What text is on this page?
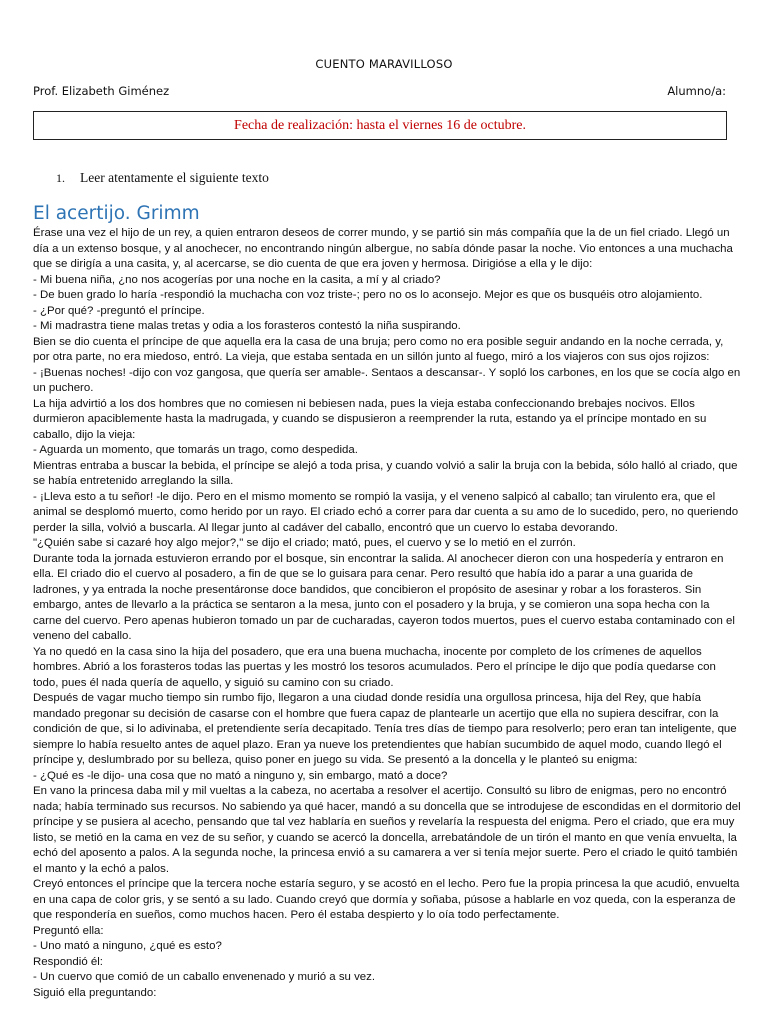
CUENTO MARAVILLOSO
Prof. Elizabeth Giménez	Alumno/a:
Fecha de realización: hasta el viernes 16 de octubre.
1. Leer atentamente el siguiente texto
El acertijo. Grimm

Érase una vez el hijo de un rey, a quien entraron deseos de correr mundo, y se partió sin más compañía que la de un fiel criado. Llegó un día a un extenso bosque, y al anochecer, no encontrando ningún albergue, no sabía dónde pasar la noche. Vio entonces a una muchacha que se dirigía a una casita, y, al acercarse, se dio cuenta de que era joven y hermosa. Dirigióse a ella y le dijo:

- Mi buena niña, ¿no nos acogerías por una noche en la casita, a mí y al criado?

- De buen grado lo haría -respondió la muchacha con voz triste-; pero no os lo aconsejo. Mejor es que os busquéis otro alojamiento.

- ¿Por qué? -preguntó el príncipe.

- Mi madrastra tiene malas tretas y odia a los forasteros contestó la niña suspirando.

Bien se dio cuenta el príncipe de que aquella era la casa de una bruja; pero como no era posible seguir andando en la noche cerrada, y, por otra parte, no era miedoso, entró. La vieja, que estaba sentada en un sillón junto al fuego, miró a los viajeros con sus ojos rojizos:

- ¡Buenas noches! -dijo con voz gangosa, que quería ser amable-. Sentaos a descansar-. Y sopló los carbones, en los que se cocía algo en un puchero.

La hija advirtió a los dos hombres que no comiesen ni bebiesen nada, pues la vieja estaba confeccionando brebajes nocivos. Ellos durmieron apaciblemente hasta la madrugada, y cuando se dispusieron a reemprender la ruta, estando ya el príncipe montado en su caballo, dijo la vieja:

- Aguarda un momento, que tomarás un trago, como despedida.

Mientras entraba a buscar la bebida, el príncipe se alejó a toda prisa, y cuando volvió a salir la bruja con la bebida, sólo halló al criado, que se había entretenido arreglando la silla.

- ¡Lleva esto a tu señor! -le dijo. Pero en el mismo momento se rompió la vasija, y el veneno salpicó al caballo; tan virulento era, que el animal se desplomó muerto, como herido por un rayo. El criado echó a correr para dar cuenta a su amo de lo sucedido, pero, no queriendo perder la silla, volvió a buscarla. Al llegar junto al cadáver del caballo, encontró que un cuervo lo estaba devorando.

"¿Quién sabe si cazaré hoy algo mejor?," se dijo el criado; mató, pues, el cuervo y se lo metió en el zurrón.

Durante toda la jornada estuvieron errando por el bosque, sin encontrar la salida. Al anochecer dieron con una hospedería y entraron en ella. El criado dio el cuervo al posadero, a fin de que se lo guisara para cenar. Pero resultó que había ido a parar a una guarida de ladrones, y ya entrada la noche presentáronse doce bandidos, que concibieron el propósito de asesinar y robar a los forasteros. Sin embargo, antes de llevarlo a la práctica se sentaron a la mesa, junto con el posadero y la bruja, y se comieron una sopa hecha con la carne del cuervo. Pero apenas hubieron tomado un par de cucharadas, cayeron todos muertos, pues el cuervo estaba contaminado con el veneno del caballo.

Ya no quedó en la casa sino la hija del posadero, que era una buena muchacha, inocente por completo de los crímenes de aquellos hombres. Abrió a los forasteros todas las puertas y les mostró los tesoros acumulados. Pero el príncipe le dijo que podía quedarse con todo, pues él nada quería de aquello, y siguió su camino con su criado.

Después de vagar mucho tiempo sin rumbo fijo, llegaron a una ciudad donde residía una orgullosa princesa, hija del Rey, que había mandado pregonar su decisión de casarse con el hombre que fuera capaz de plantearle un acertijo que ella no supiera descifrar, con la condición de que, si lo adivinaba, el pretendiente sería decapitado. Tenía tres días de tiempo para resolverlo; pero eran tan inteligente, que siempre lo había resuelto antes de aquel plazo. Eran ya nueve los pretendientes que habían sucumbido de aquel modo, cuando llegó el príncipe y, deslumbrado por su belleza, quiso poner en juego su vida. Se presentó a la doncella y le planteó su enigma:

- ¿Qué es -le dijo- una cosa que no mató a ninguno y, sin embargo, mató a doce?

En vano la princesa daba mil y mil vueltas a la cabeza, no acertaba a resolver el acertijo. Consultó su libro de enigmas, pero no encontró nada; había terminado sus recursos. No sabiendo ya qué hacer, mandó a su doncella que se introdujese de escondidas en el dormitorio del príncipe y se pusiera al acecho, pensando que tal vez hablaría en sueños y revelaría la respuesta del enigma. Pero el criado, que era muy listo, se metió en la cama en vez de su señor, y cuando se acercó la doncella, arrebatándole de un tirón el manto en que venía envuelta, la echó del aposento a palos. A la segunda noche, la princesa envió a su camarera a ver si tenía mejor suerte. Pero el criado le quitó también el manto y la echó a palos.

Creyó entonces el príncipe que la tercera noche estaría seguro, y se acostó en el lecho. Pero fue la propia princesa la que acudió, envuelta en una capa de color gris, y se sentó a su lado. Cuando creyó que dormía y soñaba, púsose a hablarle en voz queda, con la esperanza de que respondería en sueños, como muchos hacen. Pero él estaba despierto y lo oía todo perfectamente.

Preguntó ella:

- Uno mató a ninguno, ¿qué es esto?

Respondió él:

- Un cuervo que comió de un caballo envenenado y murió a su vez.

Siguió ella preguntando:
